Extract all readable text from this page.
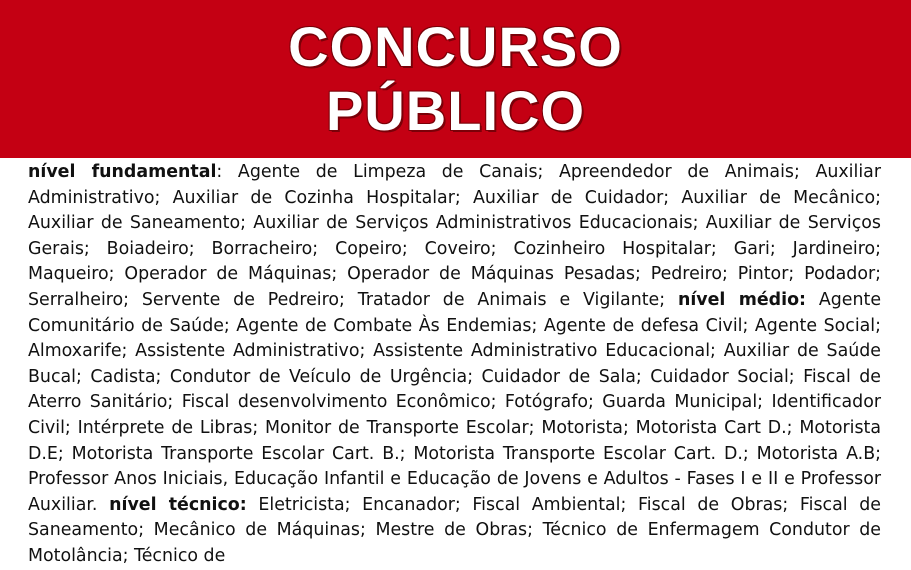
CONCURSO
PÚBLICO

nível fundamental: Agente de Limpeza de Canais; Apreendedor de Animais; Auxiliar Administrativo; Auxiliar de Cozinha Hospitalar; Auxiliar de Cuidador; Auxiliar de Mecânico; Auxiliar de Saneamento; Auxiliar de Serviços Administrativos Educacionais; Auxiliar de Serviços Gerais; Boiadeiro; Borracheiro; Copeiro; Coveiro; Cozinheiro Hospitalar; Gari; Jardineiro; Maqueiro; Operador de Máquinas; Operador de Máquinas Pesadas; Pedreiro; Pintor; Podador; Serralheiro; Servente de Pedreiro; Tratador de Animais e Vigilante; nível médio: Agente Comunitário de Saúde; Agente de Combate Às Endemias; Agente de defesa Civil; Agente Social; Almoxarife; Assistente Administrativo; Assistente Administrativo Educacional; Auxiliar de Saúde Bucal; Cadista; Condutor de Veículo de Urgência; Cuidador de Sala; Cuidador Social; Fiscal de Aterro Sanitário; Fiscal desenvolvimento Econômico; Fotógrafo; Guarda Municipal; Identificador Civil; Intérprete de Libras; Monitor de Transporte Escolar; Motorista; Motorista Cart D.; Motorista D.E; Motorista Transporte Escolar Cart. B.; Motorista Transporte Escolar Cart. D.; Motorista A.B; Professor Anos Iniciais, Educação Infantil e Educação de Jovens e Adultos - Fases I e II e Professor Auxiliar. nível técnico: Eletricista; Encanador; Fiscal Ambiental; Fiscal de Obras; Fiscal de Saneamento; Mecânico de Máquinas; Mestre de Obras; Técnico de Enfermagem Condutor de Motolância; Técnico de
